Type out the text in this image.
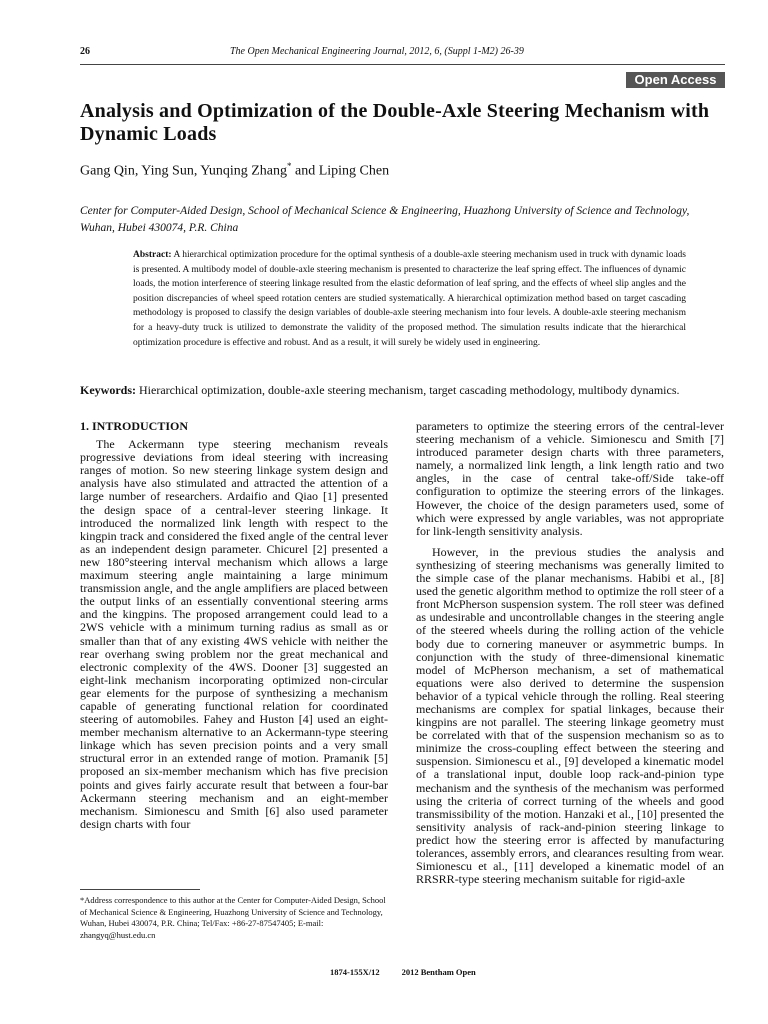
26	The Open Mechanical Engineering Journal, 2012, 6, (Suppl 1-M2) 26-39
Open Access
Analysis and Optimization of the Double-Axle Steering Mechanism with Dynamic Loads
Gang Qin, Ying Sun, Yunqing Zhang* and Liping Chen
Center for Computer-Aided Design, School of Mechanical Science & Engineering, Huazhong University of Science and Technology, Wuhan, Hubei 430074, P.R. China
Abstract: A hierarchical optimization procedure for the optimal synthesis of a double-axle steering mechanism used in truck with dynamic loads is presented. A multibody model of double-axle steering mechanism is presented to characterize the leaf spring effect. The influences of dynamic loads, the motion interference of steering linkage resulted from the elastic deformation of leaf spring, and the effects of wheel slip angles and the position discrepancies of wheel speed rotation centers are studied systematically. A hierarchical optimization method based on target cascading methodology is proposed to classify the design variables of double-axle steering mechanism into four levels. A double-axle steering mechanism for a heavy-duty truck is utilized to demonstrate the validity of the proposed method. The simulation results indicate that the hierarchical optimization procedure is effective and robust. And as a result, it will surely be widely used in engineering.
Keywords: Hierarchical optimization, double-axle steering mechanism, target cascading methodology, multibody dynamics.

1. INTRODUCTION

The Ackermann type steering mechanism reveals progressive deviations from ideal steering with increasing ranges of motion. So new steering linkage system design and analysis have also stimulated and attracted the attention of a large number of researchers. Ardaifio and Qiao [1] presented the design space of a central-lever steering linkage. It introduced the normalized link length with respect to the kingpin track and considered the fixed angle of the central lever as an independent design parameter. Chicurel [2] presented a new 180°steering interval mechanism which allows a large maximum steering angle maintaining a large minimum transmission angle, and the angle amplifiers are placed between the output links of an essentially conventional steering arms and the kingpins. The proposed arrangement could lead to a 2WS vehicle with a minimum turning radius as small as or smaller than that of any existing 4WS vehicle with neither the rear overhang swing problem nor the great mechanical and electronic complexity of the 4WS. Dooner [3] suggested an eight-link mechanism incorporating optimized non-circular gear elements for the purpose of synthesizing a mechanism capable of generating functional relation for coordinated steering of automobiles. Fahey and Huston [4] used an eight-member mechanism alternative to an Ackermann-type steering linkage which has seven precision points and a very small structural error in an extended range of motion. Pramanik [5] proposed an six-member mechanism which has five precision points and gives fairly accurate result that between a four-bar Ackermann steering mechanism and an eight-member mechanism. Simionescu and Smith [6] also used parameter design charts with four

parameters to optimize the steering errors of the central-lever steering mechanism of a vehicle. Simionescu and Smith [7] introduced parameter design charts with three parameters, namely, a normalized link length, a link length ratio and two angles, in the case of central take-off/Side take-off configuration to optimize the steering errors of the linkages. However, the choice of the design parameters used, some of which were expressed by angle variables, was not appropriate for link-length sensitivity analysis.

However, in the previous studies the analysis and synthesizing of steering mechanisms was generally limited to the simple case of the planar mechanisms. Habibi et al., [8] used the genetic algorithm method to optimize the roll steer of a front McPherson suspension system. The roll steer was defined as undesirable and uncontrollable changes in the steering angle of the steered wheels during the rolling action of the vehicle body due to cornering maneuver or asymmetric bumps. In conjunction with the study of three-dimensional kinematic model of McPherson mechanism, a set of mathematical equations were also derived to determine the suspension behavior of a typical vehicle through the rolling. Real steering mechanisms are complex for spatial linkages, because their kingpins are not parallel. The steering linkage geometry must be correlated with that of the suspension mechanism so as to minimize the cross-coupling effect between the steering and suspension. Simionescu et al., [9] developed a kinematic model of a translational input, double loop rack-and-pinion type mechanism and the synthesis of the mechanism was performed using the criteria of correct turning of the wheels and good transmissibility of the motion. Hanzaki et al., [10] presented the sensitivity analysis of rack-and-pinion steering linkage to predict how the steering error is affected by manufacturing tolerances, assembly errors, and clearances resulting from wear. Simionescu et al., [11] developed a kinematic model of an RRSRR-type steering mechanism suitable for rigid-axle

*Address correspondence to this author at the Center for Computer-Aided Design, School of Mechanical Science & Engineering, Huazhong University of Science and Technology, Wuhan, Hubei 430074, P.R. China; Tel/Fax: +86-27-87547405; E-mail: zhangyq@hust.edu.cn
1874-155X/12	2012 Bentham Open
